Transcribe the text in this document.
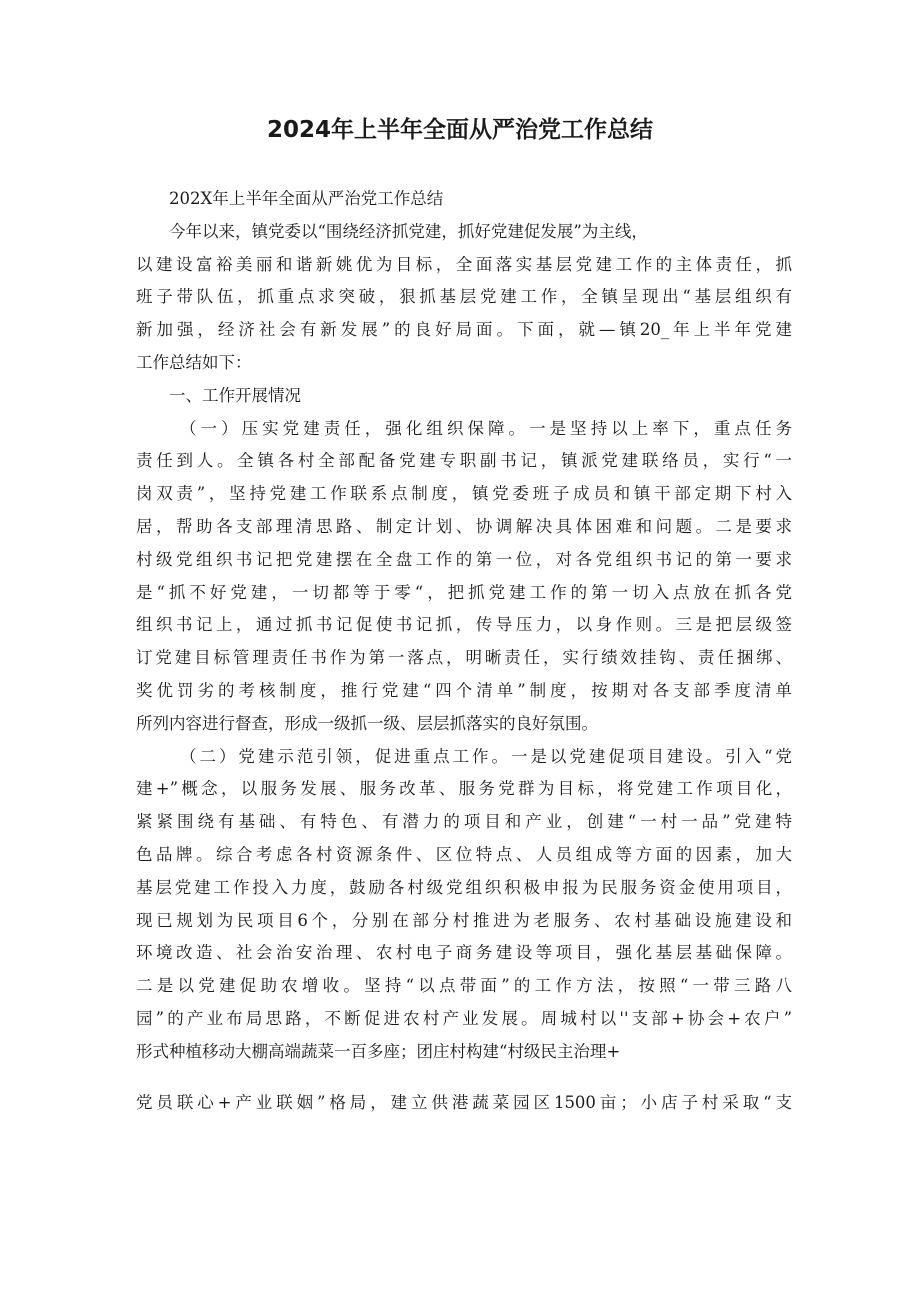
2024年上半年全面从严治党工作总结
202X年上半年全面从严治党工作总结
今年以来，镇党委以“围绕经济抓党建，抓好党建促发展”为主线，
以建设富裕美丽和谐新姚优为目标，全面落实基层党建工作的主体责任，抓
班子带队伍，抓重点求突破，狠抓基层党建工作，全镇呈现出“基层组织有
新加强，经济社会有新发展”的良好局面。下面，就—镇20_年上半年党建
工作总结如下：
一、工作开展情况
（一）压实党建责任，强化组织保障。一是坚持以上率下，重点任务
责任到人。全镇各村全部配备党建专职副书记，镇派党建联络员，实行“一
岗双责”，坚持党建工作联系点制度，镇党委班子成员和镇干部定期下村入
居，帮助各支部理清思路、制定计划、协调解决具体困难和问题。二是要求
村级党组织书记把党建摆在全盘工作的第一位，对各党组织书记的第一要求
是“抓不好党建，一切都等于零“，把抓党建工作的第一切入点放在抓各党
组织书记上，通过抓书记促使书记抓，传导压力，以身作则。三是把层级签
订党建目标管理责任书作为第一落点，明晰责任，实行绩效挂钩、责任捆绑、
奖优罚劣的考核制度，推行党建“四个清单”制度，按期对各支部季度清单
所列内容进行督查，形成一级抓一级、层层抓落实的良好氛围。
（二）党建示范引领，促进重点工作。一是以党建促项目建设。引入“党
建+”概念，以服务发展、服务改革、服务党群为目标，将党建工作项目化，
紧紧围绕有基础、有特色、有潜力的项目和产业，创建“一村一品”党建特
色品牌。综合考虑各村资源条件、区位特点、人员组成等方面的因素，加大
基层党建工作投入力度，鼓励各村级党组织积极申报为民服务资金使用项目，
现已规划为民项目6个，分别在部分村推进为老服务、农村基础设施建设和
环境改造、社会治安治理、农村电子商务建设等项目，强化基层基础保障。
二是以党建促助农增收。坚持“以点带面”的工作方法，按照“一带三路八
园”的产业布局思路，不断促进农村产业发展。周城村以''支部+协会+农户”
形式种植移动大棚高端蔬菜一百多座；团庄村构建“村级民主治理+
党员联心+产业联姻”格局，建立供港蔬菜园区1500亩；小店子村采取“支
